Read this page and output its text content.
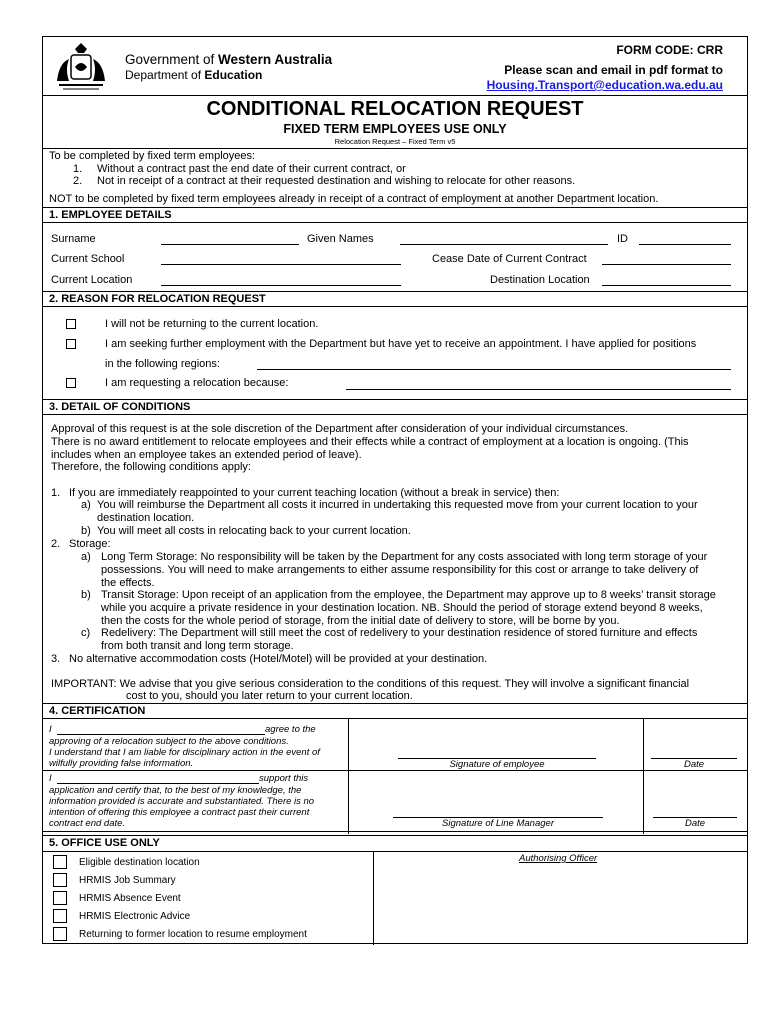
Government of Western Australia
Department of Education
FORM CODE: CRR
Please scan and email in pdf format to
Housing.Transport@education.wa.edu.au
CONDITIONAL RELOCATION REQUEST
FIXED TERM EMPLOYEES USE ONLY
Relocation Request – Fixed Term v5
To be completed by fixed term employees:
1. Without a contract past the end date of their current contract, or
2. Not in receipt of a contract at their requested destination and wishing to relocate for other reasons.
NOT to be completed by fixed term employees already in receipt of a contract of employment at another Department location.
1. EMPLOYEE DETAILS
Surname	Given Names	ID
Current School	Cease Date of Current Contract
Current Location	Destination Location
2. REASON FOR RELOCATION REQUEST
I will not be returning to the current location.
I am seeking further employment with the Department but have yet to receive an appointment. I have applied for positions
in the following regions:
I am requesting a relocation because:
3. DETAIL OF CONDITIONS
Approval of this request is at the sole discretion of the Department after consideration of your individual circumstances.
There is no award entitlement to relocate employees and their effects while a contract of employment at a location is ongoing. (This
includes when an employee takes an extended period of leave).
Therefore, the following conditions apply:
1. If you are immediately reappointed to your current teaching location (without a break in service) then:
a) You will reimburse the Department all costs it incurred in undertaking this requested move from your current location to your
destination location.
b) You will meet all costs in relocating back to your current location.
2. Storage:
a) Long Term Storage: No responsibility will be taken by the Department for any costs associated with long term storage of your
possessions. You will need to make arrangements to either assume responsibility for this cost or arrange to take delivery of
the effects.
b) Transit Storage: Upon receipt of an application from the employee, the Department may approve up to 8 weeks’ transit storage
while you acquire a private residence in your destination location. NB. Should the period of storage extend beyond 8 weeks,
then the costs for the whole period of storage, from the initial date of delivery to store, will be borne by you.
c) Redelivery: The Department will still meet the cost of redelivery to your destination residence of stored furniture and effects
from both transit and long term storage.
3. No alternative accommodation costs (Hotel/Motel) will be provided at your destination.
IMPORTANT: We advise that you give serious consideration to the conditions of this request. They will involve a significant financial
cost to you, should you later return to your current location.
4. CERTIFICATION
I	agree to the
approving of a relocation subject to the above conditions.
I understand that I am liable for disciplinary action in the event of
wilfully providing false information.	Signature of employee	Date
I	support this
application and certify that, to the best of my knowledge, the
information provided is accurate and substantiated. There is no
intention of offering this employee a contract past their current
contract end date.	Signature of Line Manager	Date
5. OFFICE USE ONLY
Eligible destination location
HRMIS Job Summary
HRMIS Absence Event
HRMIS Electronic Advice
Returning to former location to resume employment
Authorising Officer
